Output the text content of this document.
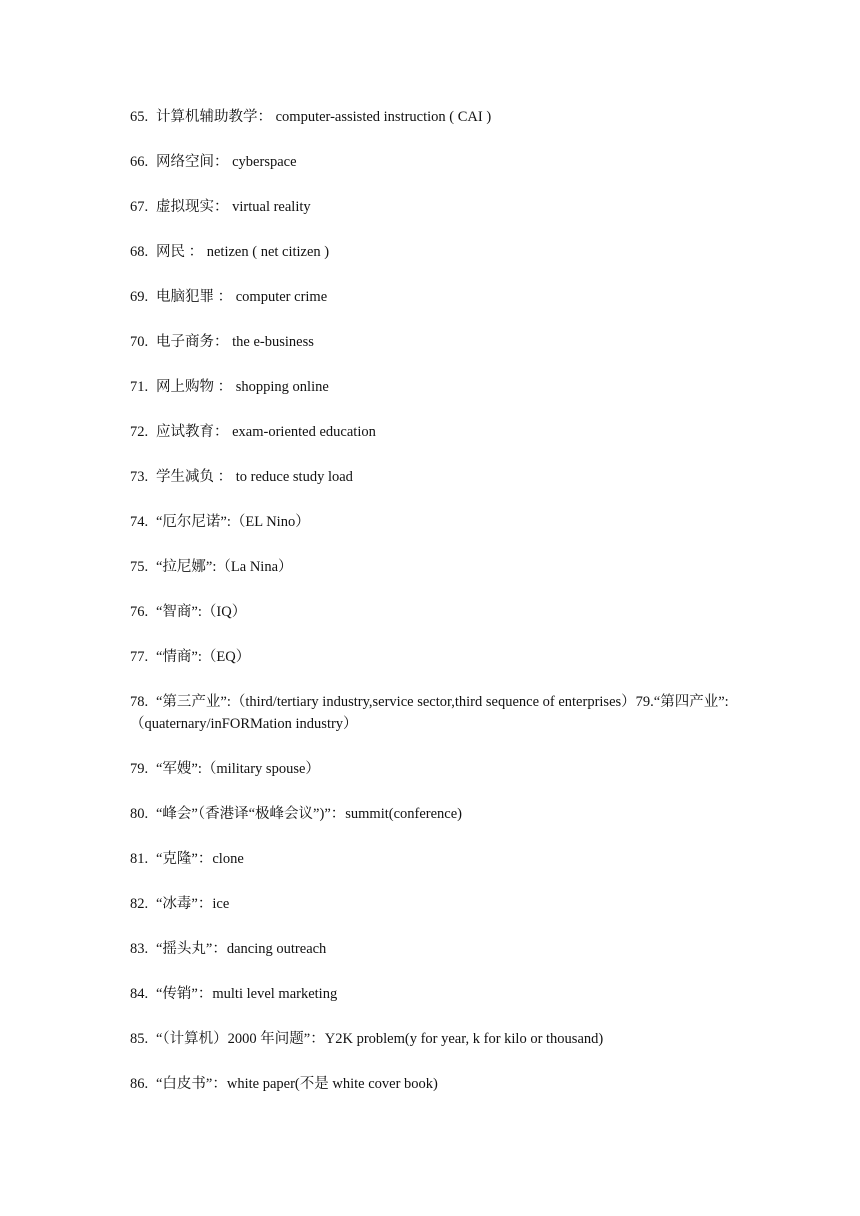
65. 计算机辅助教学： computer-assisted instruction ( CAI )
66. 网络空间： cyberspace
67. 虚拟现实： virtual reality
68. 网民 ： netizen ( net citizen )
69. 电脑犯罪 ： computer crime
70. 电子商务： the e-business
71. 网上购物 ： shopping online
72. 应试教育： exam-oriented education
73. 学生减负 ： to reduce study load
74. “厄尔尼诺”:（EL Nino）
75. “拉尼娜”:（La Nina）
76. “智商”:（IQ）
77. “情商”:（EQ）
78. “第三产业”:（third/tertiary industry,service sector,third sequence of enterprises）79.“第四产业”:（quaternary/inFORMation industry）
79. “军嫂”:（military spouse）
80. “峰会”（香港译“极峰会议”)”：summit(conference)
81. “克隆”：clone
82. “冰毒”：ice
83. “摇头丸”：dancing outreach
84. “传销”：multi level marketing
85. “（计算机）2000 年问题”：Y2K problem(y for year, k for kilo or thousand)
86. “白皮书”：white paper(不是 white cover book)
